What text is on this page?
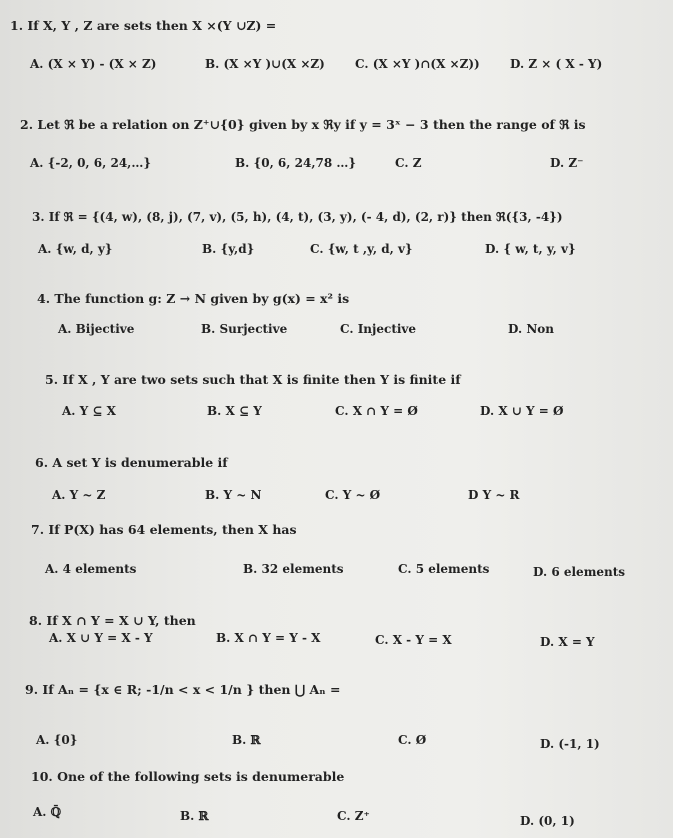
1. If X, Y , Z are sets then X ×(Y ∪Z) =
A. (X × Y) - (X × Z)	B. (X ×Y )∪(X ×Z)	C. (X ×Y )∩(X ×Z))	D. Z × ( X - Y)
2. Let ℜ be a relation on Z⁺∪{0} given by x ℜy if y = 3ˣ − 3 then the range of ℜ is
A. {-2, 0, 6, 24,…}	B. {0, 6, 24,78 …}	C. Z	D. Z⁻
3. If ℜ = {(4, w), (8, j), (7, v), (5, h), (4, t), (3, y), (- 4, d), (2, r)} then ℜ({3, -4})
A. {w, d, y}	B. {y,d}	C. {w, t ,y, d, v}	D. { w, t, y, v}
4. The function g: Z → N given by g(x) = x² is
A. Bijective	B. Surjective	C. Injective	D. Non
5. If X , Y are two sets such that X is finite then Y is finite if
A. Y ⊆ X	B. X ⊆ Y	C. X ∩ Y = Ø	D. X ∪ Y = Ø
6. A set Y is denumerable if
A. Y ~ Z	B. Y ~ N	C. Y ~ Ø	D Y ~ R
7. If P(X) has 64 elements, then X has
A. 4 elements	B. 32 elements	C. 5 elements	D. 6 elements
8. If X ∩ Y = X ∪ Y, then
A. X ∪ Y = X - Y	B. X ∩ Y = Y - X	C. X - Y = X	D. X = Y
9. If Aₙ = {x ∈ R; -1/n < x < 1/n } then ⋃ Aₙ =
A. {0}	B. ℝ	C. Ø	D. (-1, 1)
10. One of the following sets is denumerable
A. ℚ̄	B. ℝ	C. Z⁺	D. (0, 1)
